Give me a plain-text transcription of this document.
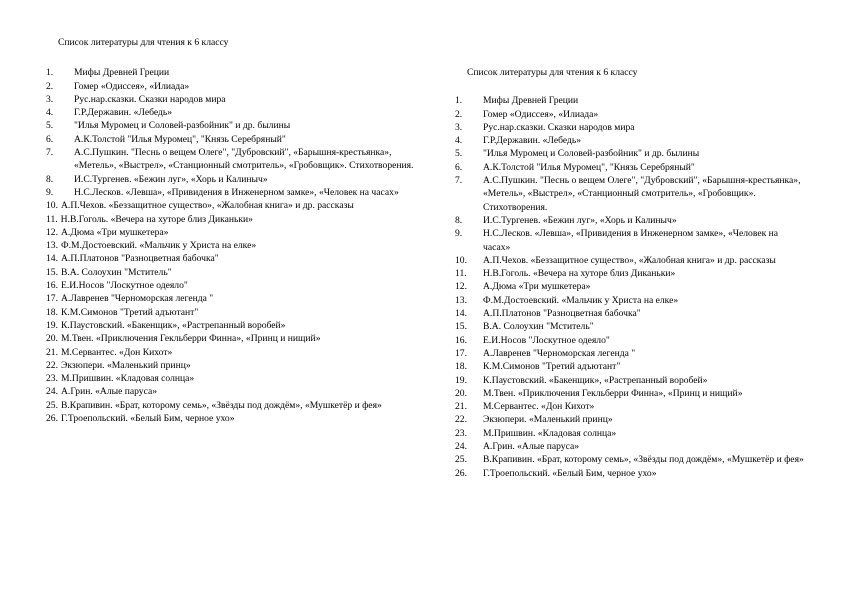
Список литературы для чтения к 6 классу
1. Мифы Древней Греции
2. Гомер «Одиссея», «Илиада»
3. Рус.нар.сказки. Сказки народов мира
4. Г.Р.Державин. «Лебедь»
5. "Илья Муромец и Соловей-разбойник" и др. былины
6. А.К.Толстой "Илья Муромец", "Князь Серебряный"
7. А.С.Пушкин. "Песнь о вещем Олеге", "Дубровский", «Барышня-крестьянка», «Метель», «Выстрел», «Станционный смотритель», «Гробовщик». Стихотворения.
8. И.С.Тургенев. «Бежин луг», «Хорь и Калиныч»
9. Н.С.Лесков. «Левша», «Привидения в Инженерном замке», «Человек на часах»
10. А.П.Чехов. «Беззащитное существо», «Жалобная книга» и др. рассказы
11. Н.В.Гоголь. «Вечера на хуторе близ Диканьки»
12. А.Дюма «Три мушкетера»
13. Ф.М.Достоевский. «Мальчик у Христа на елке»
14. А.П.Платонов "Разноцветная бабочка"
15. В.А. Солоухин "Мститель"
16. Е.И.Носов "Лоскутное одеяло"
17. А.Лавренев "Черноморская легенда "
18. К.М.Симонов "Третий адъютант"
19. К.Паустовский. «Бакенщик», «Растрепанный воробей»
20. М.Твен. «Приключения Гекльберри Финна», «Принц и нищий»
21. М.Сервантес. «Дон Кихот»
22. Экзюпери. «Маленький принц»
23. М.Пришвин. «Кладовая солнца»
24. А.Грин. «Алые паруса»
25. В.Крапивин. «Брат, которому семь», «Звёзды под дождём», «Мушкетёр и фея»
26. Г.Троепольский. «Белый Бим, черное ухо»
Список литературы для чтения к 6 классу
1. Мифы Древней Греции
2. Гомер «Одиссея», «Илиада»
3. Рус.нар.сказки. Сказки народов мира
4. Г.Р.Державин. «Лебедь»
5. "Илья Муромец и Соловей-разбойник" и др. былины
6. А.К.Толстой "Илья Муромец", "Князь Серебряный"
7. А.С.Пушкин. "Песнь о вещем Олеге", "Дубровский", «Барышня-крестьянка», «Метель», «Выстрел», «Станционный смотритель», «Гробовщик». Стихотворения.
8. И.С.Тургенев. «Бежин луг», «Хорь и Калиныч»
9. Н.С.Лесков. «Левша», «Привидения в Инженерном замке», «Человек на часах»
10. А.П.Чехов. «Беззащитное существо», «Жалобная книга» и др. рассказы
11. Н.В.Гоголь. «Вечера на хуторе близ Диканьки»
12. А.Дюма «Три мушкетера»
13. Ф.М.Достоевский. «Мальчик у Христа на елке»
14. А.П.Платонов "Разноцветная бабочка"
15. В.А. Солоухин "Мститель"
16. Е.И.Носов "Лоскутное одеяло"
17. А.Лавренев "Черноморская легенда "
18. К.М.Симонов "Третий адъютант"
19. К.Паустовский. «Бакенщик», «Растрепанный воробей»
20. М.Твен. «Приключения Гекльберри Финна», «Принц и нищий»
21. М.Сервантес. «Дон Кихот»
22. Экзюпери. «Маленький принц»
23. М.Пришвин. «Кладовая солнца»
24. А.Грин. «Алые паруса»
25. В.Крапивин. «Брат, которому семь», «Звёзды под дождём», «Мушкетёр и фея»
26. Г.Троепольский. «Белый Бим, черное ухо»
